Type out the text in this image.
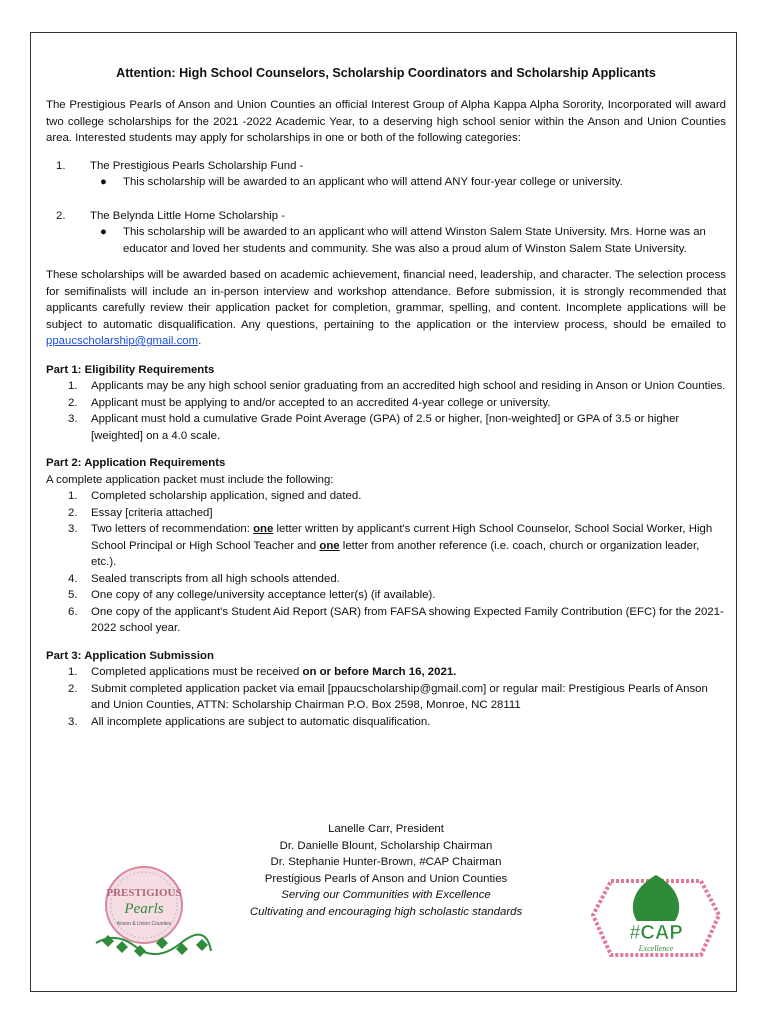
Attention: High School Counselors, Scholarship Coordinators and Scholarship Applicants

The Prestigious Pearls of Anson and Union Counties an official Interest Group of Alpha Kappa Alpha Sorority, Incorporated will award two college scholarships for the 2021 -2022 Academic Year, to a deserving high school senior within the Anson and Union Counties area. Interested students may apply for scholarships in one or both of the following categories:

1. The Prestigious Pearls Scholarship Fund -
● This scholarship will be awarded to an applicant who will attend ANY four-year college or university.
2. The Belynda Little Horne Scholarship -
● This scholarship will be awarded to an applicant who will attend Winston Salem State University. Mrs. Horne was an educator and loved her students and community. She was also a proud alum of Winston Salem State University.

These scholarships will be awarded based on academic achievement, financial need, leadership, and character. The selection process for semifinalists will include an in-person interview and workshop attendance. Before submission, it is strongly recommended that applicants carefully review their application packet for completion, grammar, spelling, and content. Incomplete applications will be subject to automatic disqualification. Any questions, pertaining to the application or the interview process, should be emailed to ppaucscholarship@gmail.com.

Part 1: Eligibility Requirements
1. Applicants may be any high school senior graduating from an accredited high school and residing in Anson or Union Counties.
2. Applicant must be applying to and/or accepted to an accredited 4-year college or university.
3. Applicant must hold a cumulative Grade Point Average (GPA) of 2.5 or higher, [non-weighted] or GPA of 3.5 or higher [weighted] on a 4.0 scale.
Part 2: Application Requirements
A complete application packet must include the following:
1. Completed scholarship application, signed and dated.
2. Essay [criteria attached]
3. Two letters of recommendation: one letter written by applicant's current High School Counselor, School Social Worker, High School Principal or High School Teacher and one letter from another reference (i.e. coach, church or organization leader, etc.).
4. Sealed transcripts from all high schools attended.
5. One copy of any college/university acceptance letter(s) (if available).
6. One copy of the applicant's Student Aid Report (SAR) from FAFSA showing Expected Family Contribution (EFC) for the 2021-2022 school year.
Part 3: Application Submission
1. Completed applications must be received on or before March 16, 2021.
2. Submit completed application packet via email [ppaucscholarship@gmail.com] or regular mail: Prestigious Pearls of Anson and Union Counties, ATTN: Scholarship Chairman P.O. Box 2598, Monroe, NC 28111
3. All incomplete applications are subject to automatic disqualification.
Lanelle Carr, President
Dr. Danielle Blount, Scholarship Chairman
Dr. Stephanie Hunter-Brown, #CAP Chairman
Prestigious Pearls of Anson and Union Counties
Serving our Communities with Excellence
Cultivating and encouraging high scholastic standards
PRESTIGIOUS
Pearls
Anson & Union Counties	#CAP
Excellence
